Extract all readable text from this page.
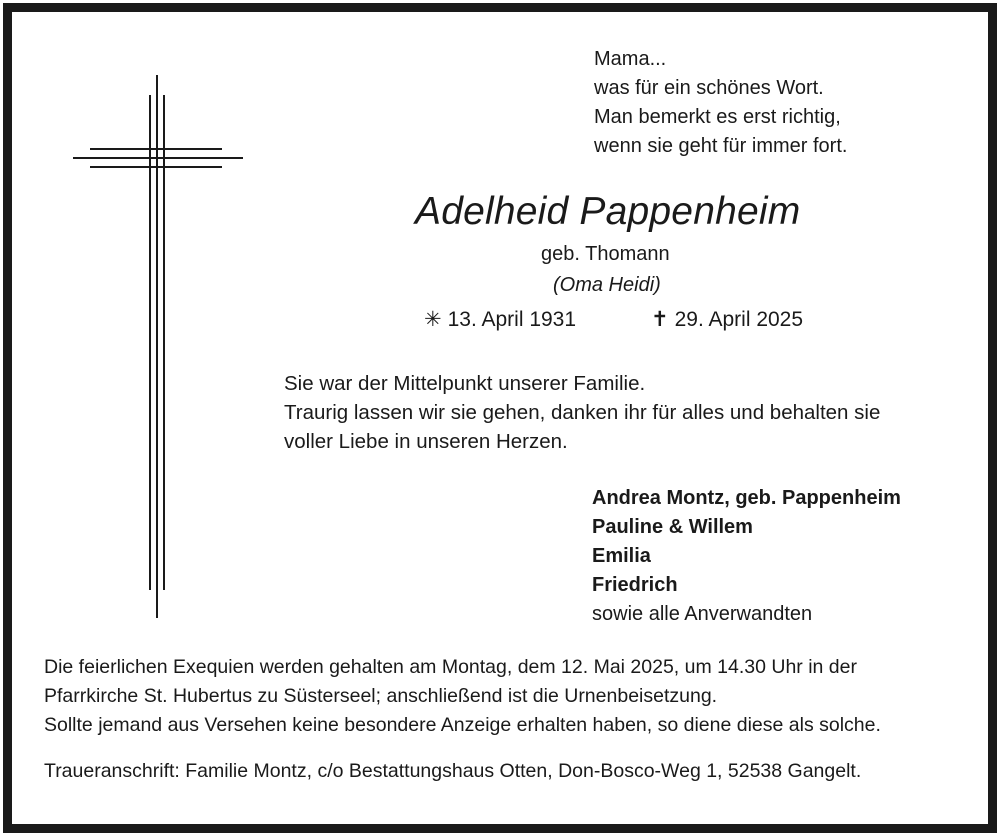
Mama...
was für ein schönes Wort.
Man bemerkt es erst richtig,
wenn sie geht für immer fort.
Adelheid Pappenheim
geb. Thomann
(Oma Heidi)
✳ 13. April 1931	✝ 29. April 2025
Sie war der Mittelpunkt unserer Familie.
Traurig lassen wir sie gehen, danken ihr für alles und behalten sie
voller Liebe in unseren Herzen.
Andrea Montz, geb. Pappenheim
Pauline & Willem
Emilia
Friedrich
sowie alle Anverwandten
Die feierlichen Exequien werden gehalten am Montag, dem 12. Mai 2025, um 14.30 Uhr in der
Pfarrkirche St. Hubertus zu Süsterseel; anschließend ist die Urnenbeisetzung.
Sollte jemand aus Versehen keine besondere Anzeige erhalten haben, so diene diese als solche.
Traueranschrift: Familie Montz, c/o Bestattungshaus Otten, Don-Bosco-Weg 1, 52538 Gangelt.
